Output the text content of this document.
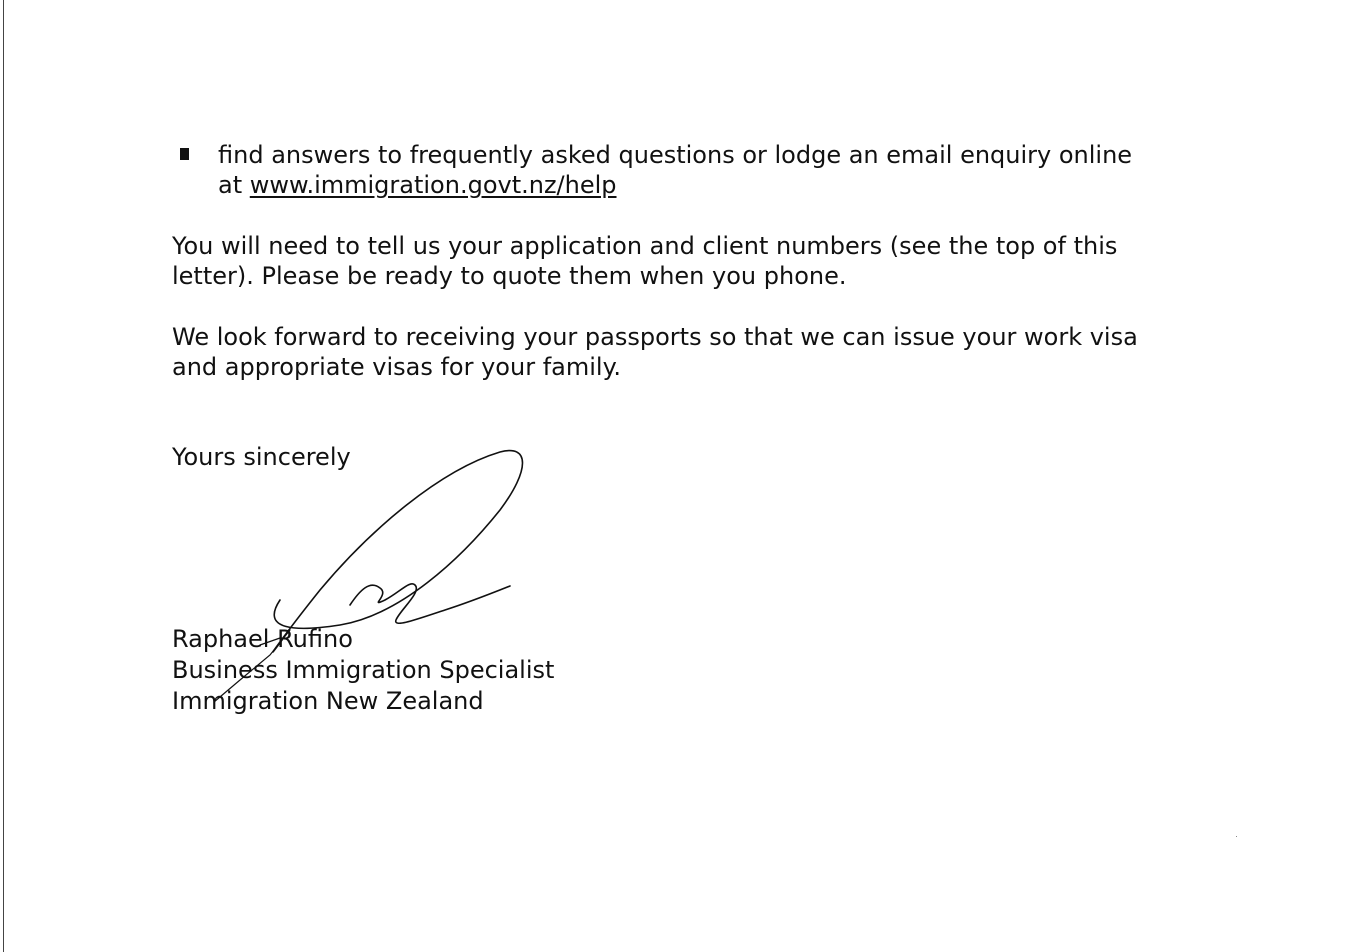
find answers to frequently asked questions or lodge an email enquiry online
at www.immigration.govt.nz/help

You will need to tell us your application and client numbers (see the top of this
letter). Please be ready to quote them when you phone.

We look forward to receiving your passports so that we can issue your work visa
and appropriate visas for your family.

Yours sincerely

Raphael Rufino
Business Immigration Specialist
Immigration New Zealand
